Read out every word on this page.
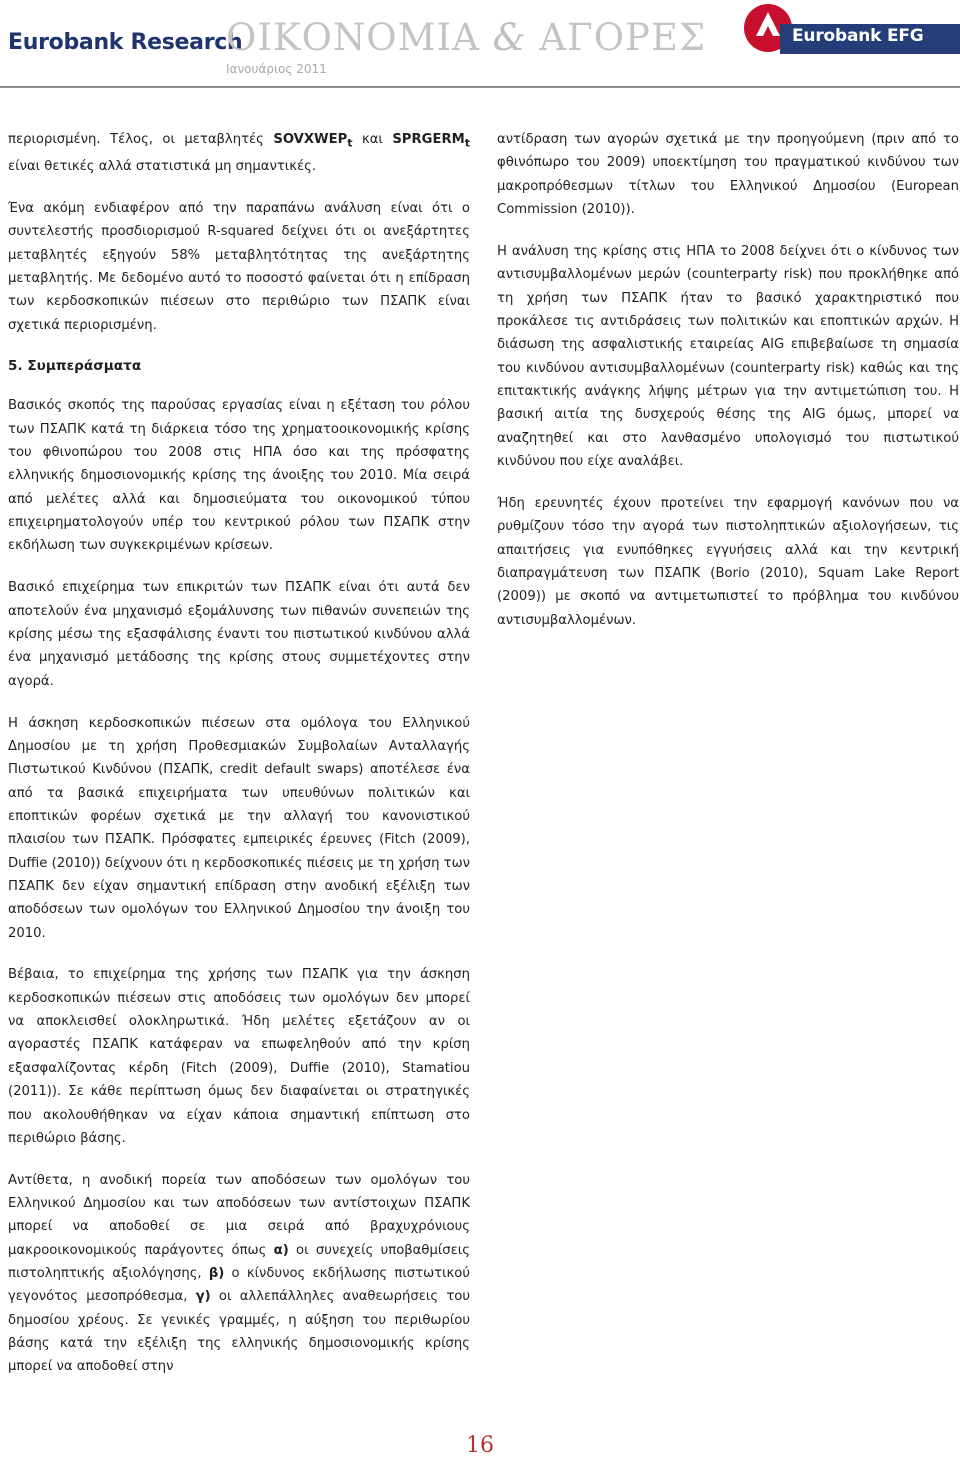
Eurobank Research
ΟΙΚΟΝΟΜΙΑ & ΑΓΟΡΕΣ
Ιανουάριος 2011
Eurobank EFG

περιορισμένη. Τέλος, οι μεταβλητές $SOVXWEP_t$ και $SPRGERM_t$ είναι θετικές αλλά στατιστικά μη σημαντικές.

Ένα ακόμη ενδιαφέρον από την παραπάνω ανάλυση είναι ότι ο συντελεστής προσδιορισμού R-squared δείχνει ότι οι ανεξάρτητες μεταβλητές εξηγούν 58% μεταβλητότητας της ανεξάρτητης μεταβλητής. Με δεδομένο αυτό το ποσοστό φαίνεται ότι η επίδραση των κερδοσκοπικών πιέσεων στο περιθώριο των ΠΣΑΠΚ είναι σχετικά περιορισμένη.

5. Συμπεράσματα

Βασικός σκοπός της παρούσας εργασίας είναι η εξέταση του ρόλου των ΠΣΑΠΚ κατά τη διάρκεια τόσο της χρηματοοικονομικής κρίσης του φθινοπώρου του 2008 στις ΗΠΑ όσο και της πρόσφατης ελληνικής δημοσιονομικής κρίσης της άνοιξης του 2010. Μία σειρά από μελέτες αλλά και δημοσιεύματα του οικονομικού τύπου επιχειρηματολογούν υπέρ του κεντρικού ρόλου των ΠΣΑΠΚ στην εκδήλωση των συγκεκριμένων κρίσεων.

Βασικό επιχείρημα των επικριτών των ΠΣΑΠΚ είναι ότι αυτά δεν αποτελούν ένα μηχανισμό εξομάλυνσης των πιθανών συνεπειών της κρίσης μέσω της εξασφάλισης έναντι του πιστωτικού κινδύνου αλλά ένα μηχανισμό μετάδοσης της κρίσης στους συμμετέχοντες στην αγορά.

Η άσκηση κερδοσκοπικών πιέσεων στα ομόλογα του Ελληνικού Δημοσίου με τη χρήση Προθεσμιακών Συμβολαίων Ανταλλαγής Πιστωτικού Κινδύνου (ΠΣΑΠΚ, credit default swaps) αποτέλεσε ένα από τα βασικά επιχειρήματα των υπευθύνων πολιτικών και εποπτικών φορέων σχετικά με την αλλαγή του κανονιστικού πλαισίου των ΠΣΑΠΚ. Πρόσφατες εμπειρικές έρευνες (Fitch (2009), Duffie (2010)) δείχνουν ότι η κερδοσκοπικές πιέσεις με τη χρήση των ΠΣΑΠΚ δεν είχαν σημαντική επίδραση στην ανοδική εξέλιξη των αποδόσεων των ομολόγων του Ελληνικού Δημοσίου την άνοιξη του 2010.

Βέβαια, το επιχείρημα της χρήσης των ΠΣΑΠΚ για την άσκηση κερδοσκοπικών πιέσεων στις αποδόσεις των ομολόγων δεν μπορεί να αποκλεισθεί ολοκληρωτικά. Ήδη μελέτες εξετάζουν αν οι αγοραστές ΠΣΑΠΚ κατάφεραν να επωφεληθούν από την κρίση εξασφαλίζοντας κέρδη (Fitch (2009), Duffie (2010), Stamatiou (2011)). Σε κάθε περίπτωση όμως δεν διαφαίνεται οι στρατηγικές που ακολουθήθηκαν να είχαν κάποια σημαντική επίπτωση στο περιθώριο βάσης.

Αντίθετα, η ανοδική πορεία των αποδόσεων των ομολόγων του Ελληνικού Δημοσίου και των αποδόσεων των αντίστοιχων ΠΣΑΠΚ μπορεί να αποδοθεί σε μια σειρά από βραχυχρόνιους μακροοικονομικούς παράγοντες όπως α) οι συνεχείς υποβαθμίσεις πιστοληπτικής αξιολόγησης, β) ο κίνδυνος εκδήλωσης πιστωτικού γεγονότος μεσοπρόθεσμα, γ) οι αλλεπάλληλες αναθεωρήσεις του δημοσίου χρέους. Σε γενικές γραμμές, η αύξηση του περιθωρίου βάσης κατά την εξέλιξη της ελληνικής δημοσιονομικής κρίσης μπορεί να αποδοθεί στην

αντίδραση των αγορών σχετικά με την προηγούμενη (πριν από το φθινόπωρο του 2009) υποεκτίμηση του πραγματικού κινδύνου των μακροπρόθεσμων τίτλων του Ελληνικού Δημοσίου (European Commission (2010)).

Η ανάλυση της κρίσης στις ΗΠΑ το 2008 δείχνει ότι ο κίνδυνος των αντισυμβαλλομένων μερών (counterparty risk) που προκλήθηκε από τη χρήση των ΠΣΑΠΚ ήταν το βασικό χαρακτηριστικό που προκάλεσε τις αντιδράσεις των πολιτικών και εποπτικών αρχών. Η διάσωση της ασφαλιστικής εταιρείας AIG επιβεβαίωσε τη σημασία του κινδύνου αντισυμβαλλομένων (counterparty risk) καθώς και της επιτακτικής ανάγκης λήψης μέτρων για την αντιμετώπιση του. Η βασική αιτία της δυσχερούς θέσης της AIG όμως, μπορεί να αναζητηθεί και στο λανθασμένο υπολογισμό του πιστωτικού κινδύνου που είχε αναλάβει.

Ήδη ερευνητές έχουν προτείνει την εφαρμογή κανόνων που να ρυθμίζουν τόσο την αγορά των πιστοληπτικών αξιολογήσεων, τις απαιτήσεις για ενυπόθηκες εγγυήσεις αλλά και την κεντρική διαπραγμάτευση των ΠΣΑΠΚ (Borio (2010), Squam Lake Report (2009)) με σκοπό να αντιμετωπιστεί το πρόβλημα του κινδύνου αντισυμβαλλομένων.

16
